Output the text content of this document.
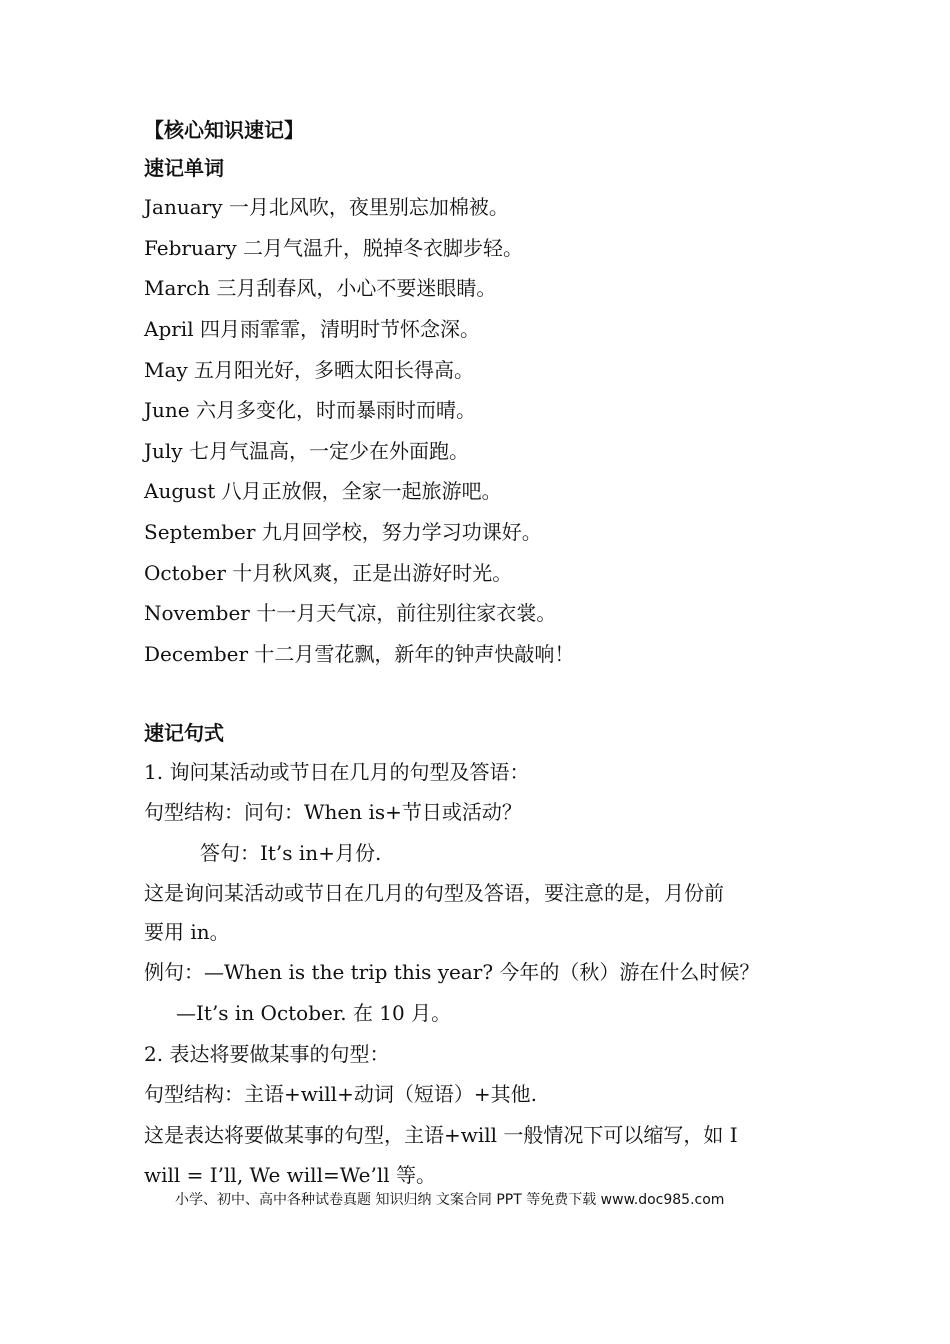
【核心知识速记】
速记单词
January 一月北风吹，夜里别忘加棉被。
February 二月气温升，脱掉冬衣脚步轻。
March 三月刮春风，小心不要迷眼睛。
April 四月雨霏霏，清明时节怀念深。
May 五月阳光好，多晒太阳长得高。
June 六月多变化，时而暴雨时而晴。
July 七月气温高，一定少在外面跑。
August 八月正放假，全家一起旅游吧。
September 九月回学校，努力学习功课好。
October 十月秋风爽，正是出游好时光。
November 十一月天气凉，前往别往家衣裳。
December 十二月雪花飘，新年的钟声快敲响！
速记句式
1. 询问某活动或节日在几月的句型及答语：
句型结构：问句：When is+节日或活动？
答句：It’s in+月份.
这是询问某活动或节日在几月的句型及答语，要注意的是，月份前
要用 in。
例句：—When is the trip this year? 今年的（秋）游在什么时候？
—It’s in October. 在 10 月。
2. 表达将要做某事的句型：
句型结构：主语+will+动词（短语）+其他.
这是表达将要做某事的句型，主语+will 一般情况下可以缩写，如 I
will = I’ll, We will=We’ll 等。
小学、初中、高中各种试卷真题 知识归纳 文案合同 PPT 等免费下载 www.doc985.com
